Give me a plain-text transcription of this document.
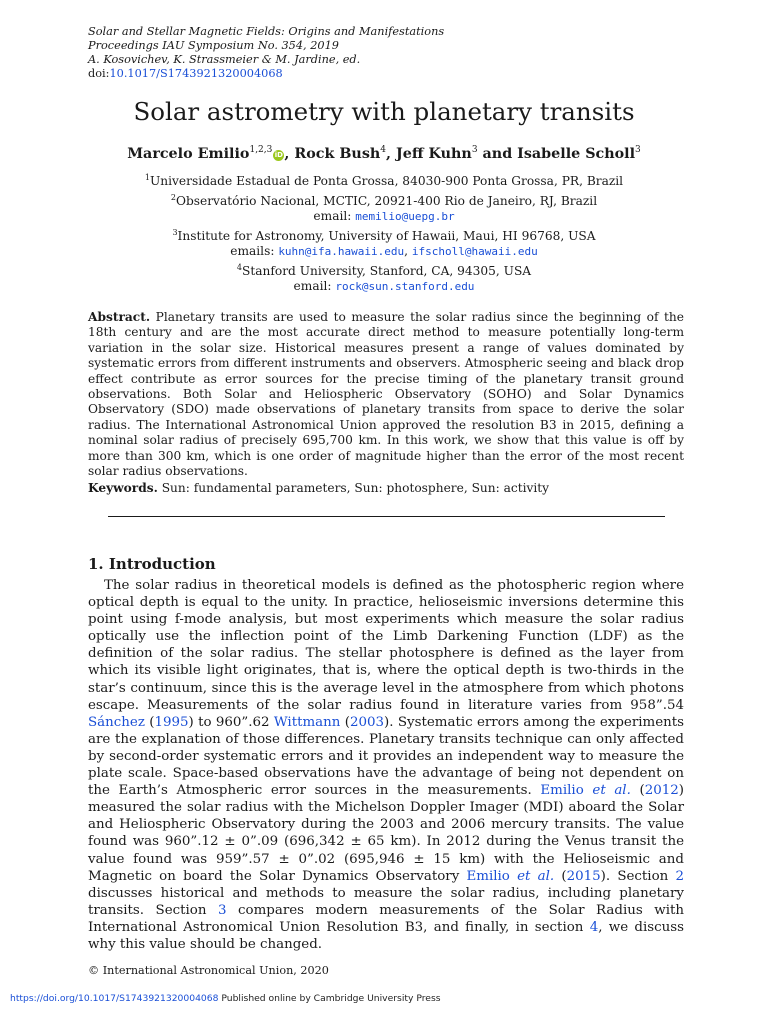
Solar and Stellar Magnetic Fields: Origins and Manifestations
Proceedings IAU Symposium No. 354, 2019
A. Kosovichev, K. Strassmeier & M. Jardine, ed.
doi:10.1017/S1743921320004068
Solar astrometry with planetary transits
Marcelo Emilio$^{1,2,3}$ iD, Rock Bush$^4$, Jeff Kuhn$^3$ and Isabelle Scholl$^3$
$^1$Universidade Estadual de Ponta Grossa, 84030-900 Ponta Grossa, PR, Brazil
$^2$Observatório Nacional, MCTIC, 20921-400 Rio de Janeiro, RJ, Brazil
email: memilio@uepg.br
$^3$Institute for Astronomy, University of Hawaii, Maui, HI 96768, USA
emails: kuhn@ifa.hawaii.edu, ifscholl@hawaii.edu
$^4$Stanford University, Stanford, CA, 94305, USA
email: rock@sun.stanford.edu
Abstract. Planetary transits are used to measure the solar radius since the beginning of the 18th century and are the most accurate direct method to measure potentially long-term variation in the solar size. Historical measures present a range of values dominated by systematic errors from different instruments and observers. Atmospheric seeing and black drop effect contribute as error sources for the precise timing of the planetary transit ground observations. Both Solar and Heliospheric Observatory (SOHO) and Solar Dynamics Observatory (SDO) made observations of planetary transits from space to derive the solar radius. The International Astronomical Union approved the resolution B3 in 2015, defining a nominal solar radius of precisely 695,700 km. In this work, we show that this value is off by more than 300 km, which is one order of magnitude higher than the error of the most recent solar radius observations.
Keywords. Sun: fundamental parameters, Sun: photosphere, Sun: activity
1. Introduction
The solar radius in theoretical models is defined as the photospheric region where optical depth is equal to the unity. In practice, helioseismic inversions determine this point using f-mode analysis, but most experiments which measure the solar radius optically use the inflection point of the Limb Darkening Function (LDF) as the definition of the solar radius. The stellar photosphere is defined as the layer from which its visible light originates, that is, where the optical depth is two-thirds in the star’s continuum, since this is the average level in the atmosphere from which photons escape. Measurements of the solar radius found in literature varies from 958”.54 Sánchez (1995) to 960”.62 Wittmann (2003). Systematic errors among the experiments are the explanation of those differences. Planetary transits technique can only affected by second-order systematic errors and it provides an independent way to measure the plate scale. Space-based observations have the advantage of being not dependent on the Earth’s Atmospheric error sources in the measurements. Emilio et al. (2012) measured the solar radius with the Michelson Doppler Imager (MDI) aboard the Solar and Heliospheric Observatory during the 2003 and 2006 mercury transits. The value found was 960”.12 ± 0”.09 (696,342 ± 65 km). In 2012 during the Venus transit the value found was 959”.57 ± 0”.02 (695,946 ± 15 km) with the Helioseismic and Magnetic on board the Solar Dynamics Observatory Emilio et al. (2015). Section 2 discusses historical and methods to measure the solar radius, including planetary transits. Section 3 compares modern measurements of the Solar Radius with International Astronomical Union Resolution B3, and finally, in section 4, we discuss why this value should be changed.
© International Astronomical Union, 2020
https://doi.org/10.1017/S1743921320004068 Published online by Cambridge University Press
